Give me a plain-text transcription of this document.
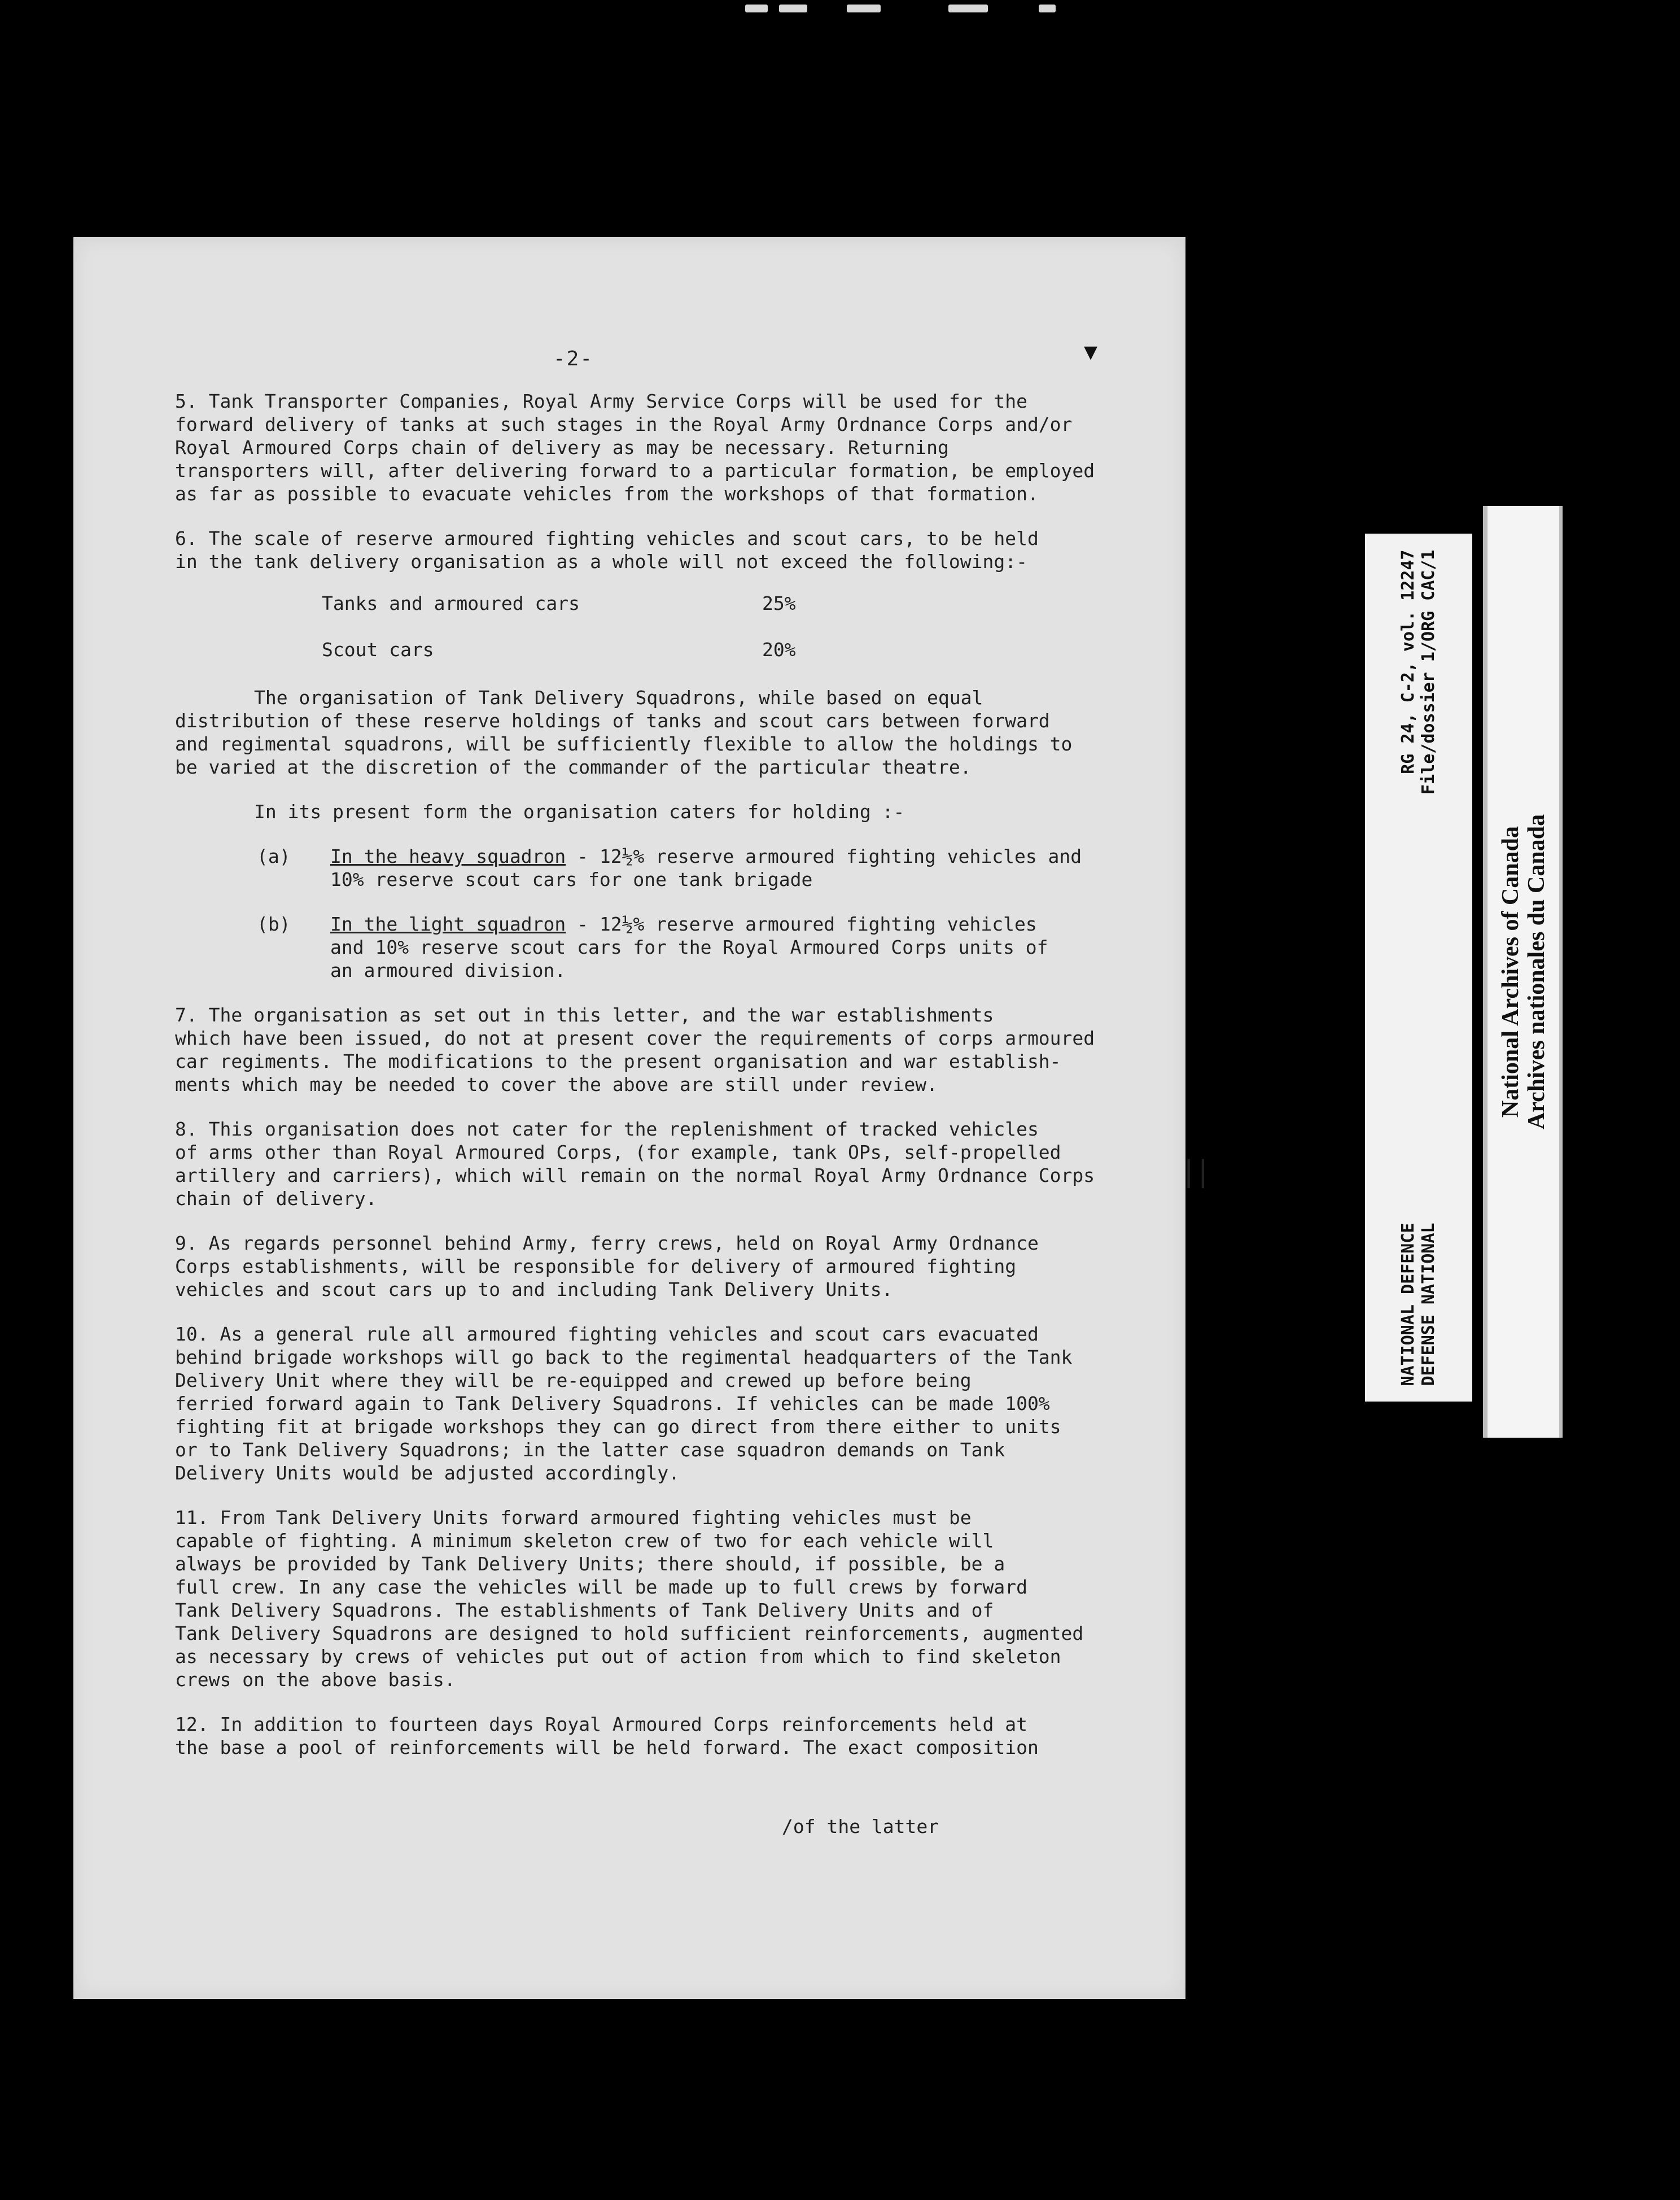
-2-	▼
5. Tank Transporter Companies, Royal Army Service Corps will be used for the
forward delivery of tanks at such stages in the Royal Army Ordnance Corps and/or
Royal Armoured Corps chain of delivery as may be necessary. Returning
transporters will, after delivering forward to a particular formation, be employed
as far as possible to evacuate vehicles from the workshops of that formation.
6. The scale of reserve armoured fighting vehicles and scout cars, to be held
in the tank delivery organisation as a whole will not exceed the following:-
Tanks and armoured cars	25%
Scout cars	20%
The organisation of Tank Delivery Squadrons, while based on equal
distribution of these reserve holdings of tanks and scout cars between forward
and regimental squadrons, will be sufficiently flexible to allow the holdings to
be varied at the discretion of the commander of the particular theatre.
In its present form the organisation caters for holding :-
(a)	In the heavy squadron - 12½% reserve armoured fighting vehicles and
10% reserve scout cars for one tank brigade
(b)	In the light squadron - 12½% reserve armoured fighting vehicles
and 10% reserve scout cars for the Royal Armoured Corps units of
an armoured division.
7. The organisation as set out in this letter, and the war establishments
which have been issued, do not at present cover the requirements of corps armoured
car regiments. The modifications to the present organisation and war establish-
ments which may be needed to cover the above are still under review.
8. This organisation does not cater for the replenishment of tracked vehicles
of arms other than Royal Armoured Corps, (for example, tank OPs, self-propelled
artillery and carriers), which will remain on the normal Royal Army Ordnance Corps
chain of delivery.
9. As regards personnel behind Army, ferry crews, held on Royal Army Ordnance
Corps establishments, will be responsible for delivery of armoured fighting
vehicles and scout cars up to and including Tank Delivery Units.
10. As a general rule all armoured fighting vehicles and scout cars evacuated
behind brigade workshops will go back to the regimental headquarters of the Tank
Delivery Unit where they will be re-equipped and crewed up before being
ferried forward again to Tank Delivery Squadrons. If vehicles can be made 100%
fighting fit at brigade workshops they can go direct from there either to units
or to Tank Delivery Squadrons; in the latter case squadron demands on Tank
Delivery Units would be adjusted accordingly.
11. From Tank Delivery Units forward armoured fighting vehicles must be
capable of fighting. A minimum skeleton crew of two for each vehicle will
always be provided by Tank Delivery Units; there should, if possible, be a
full crew. In any case the vehicles will be made up to full crews by forward
Tank Delivery Squadrons. The establishments of Tank Delivery Units and of
Tank Delivery Squadrons are designed to hold sufficient reinforcements, augmented
as necessary by crews of vehicles put out of action from which to find skeleton
crews on the above basis.
12. In addition to fourteen days Royal Armoured Corps reinforcements held at
the base a pool of reinforcements will be held forward. The exact composition
||
/of the latter
NATIONAL DEFENCE
RG 24, C-2, vol. 12247
DEFENSE NATIONAL
File/dossier 1/ORG CAC/1
National Archives of Canada Archives nationales du Canada
